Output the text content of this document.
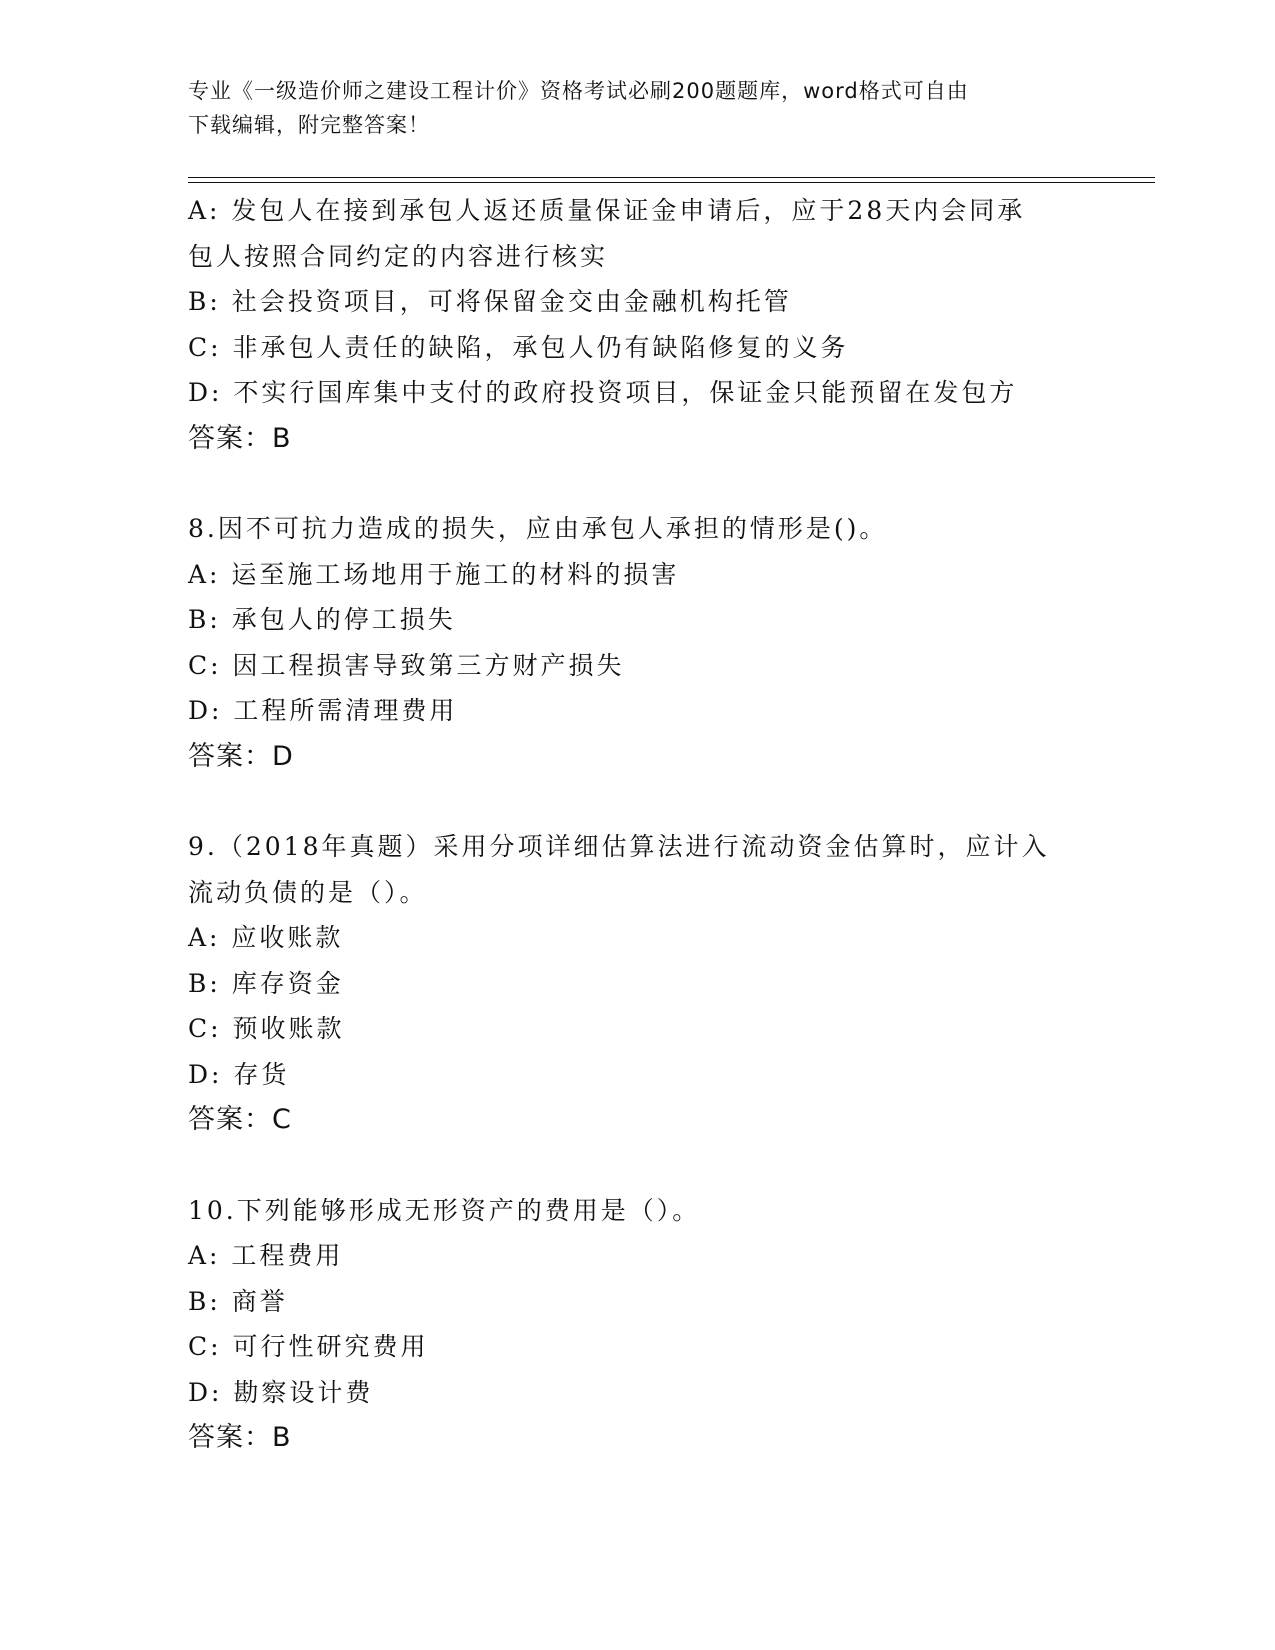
专业《一级造价师之建设工程计价》资格考试必刷200题题库，word格式可自由
下载编辑，附完整答案！
A: 发包人在接到承包人返还质量保证金申请后，应于28天内会同承
包人按照合同约定的内容进行核实
B: 社会投资项目，可将保留金交由金融机构托管
C: 非承包人责任的缺陷，承包人仍有缺陷修复的义务
D: 不实行国库集中支付的政府投资项目，保证金只能预留在发包方
答案：B
8.因不可抗力造成的损失，应由承包人承担的情形是()。
A: 运至施工场地用于施工的材料的损害
B: 承包人的停工损失
C: 因工程损害导致第三方财产损失
D: 工程所需清理费用
答案：D
9.（2018年真题）采用分项详细估算法进行流动资金估算时，应计入
流动负债的是（）。
A: 应收账款
B: 库存资金
C: 预收账款
D: 存货
答案：C
10.下列能够形成无形资产的费用是（）。
A: 工程费用
B: 商誉
C: 可行性研究费用
D: 勘察设计费
答案：B
